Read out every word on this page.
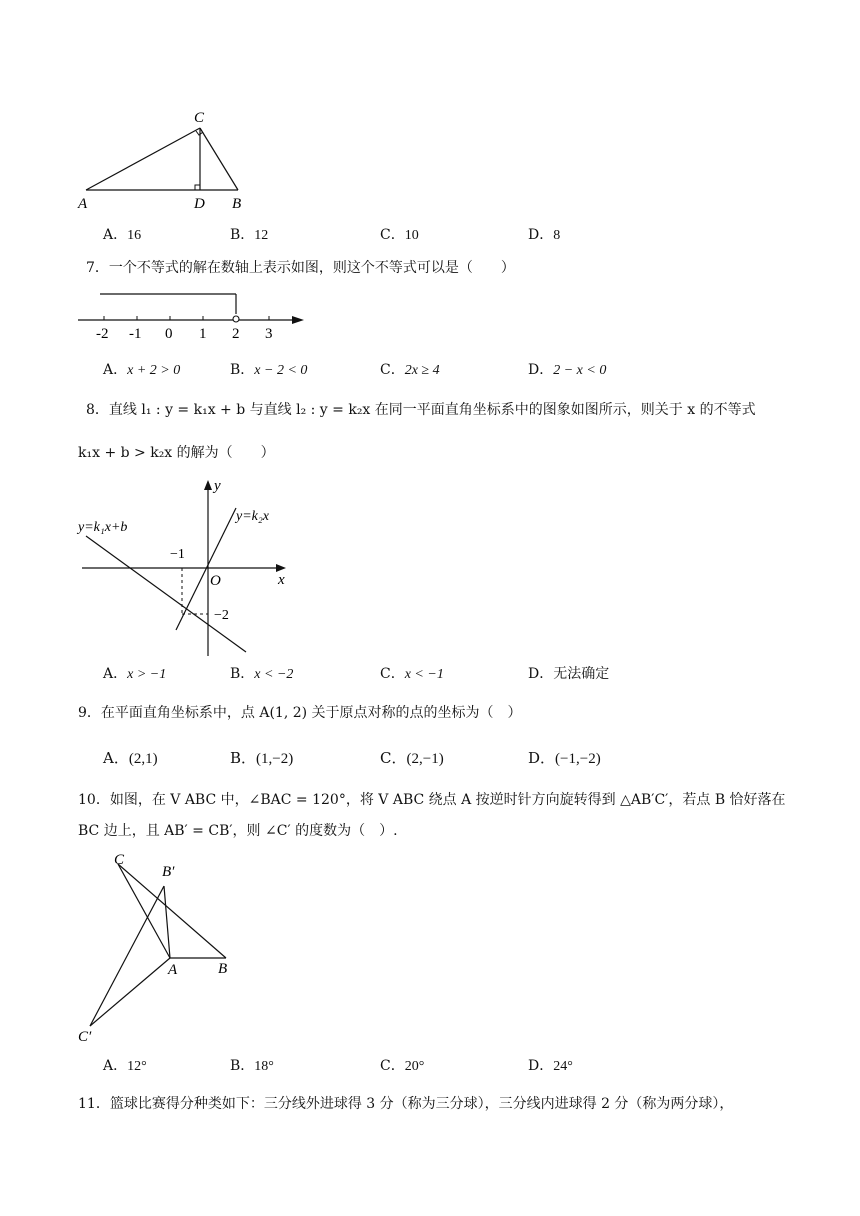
C
A	D B
A．16	B．12	C．10	D．8
7．一个不等式的解在数轴上表示如图，则这个不等式可以是（　　）
-2 -1 0 1 2 3
A．x + 2 > 0	B．x − 2 < 0	C．2x ≥ 4	D．2 − x < 0
8．直线 l₁ : y = k₁x + b 与直线 l₂ : y = k₂x 在同一平面直角坐标系中的图象如图所示，则关于 x 的不等式
k₁x + b > k₂x 的解为（　　）
y
x
O
y=k₁x+b
y=k₂x
−1
−2
A．x > −1	B．x < −2	C．x < −1	D．无法确定
9．在平面直角坐标系中，点 A(1, 2) 关于原点对称的点的坐标为（　）
A．(2,1)	B．(1,−2)	C．(2,−1)	D．(−1,−2)
10．如图，在 V ABC 中，∠BAC = 120°，将 V ABC 绕点 A 按逆时针方向旋转得到 △AB′C′，若点 B 恰好落在
BC 边上，且 AB′ = CB′，则 ∠C′ 的度数为（　）.
C
B′
A	B
C′
A．12°	B．18°	C．20°	D．24°
11．篮球比赛得分种类如下：三分线外进球得 3 分（称为三分球），三分线内进球得 2 分（称为两分球），
